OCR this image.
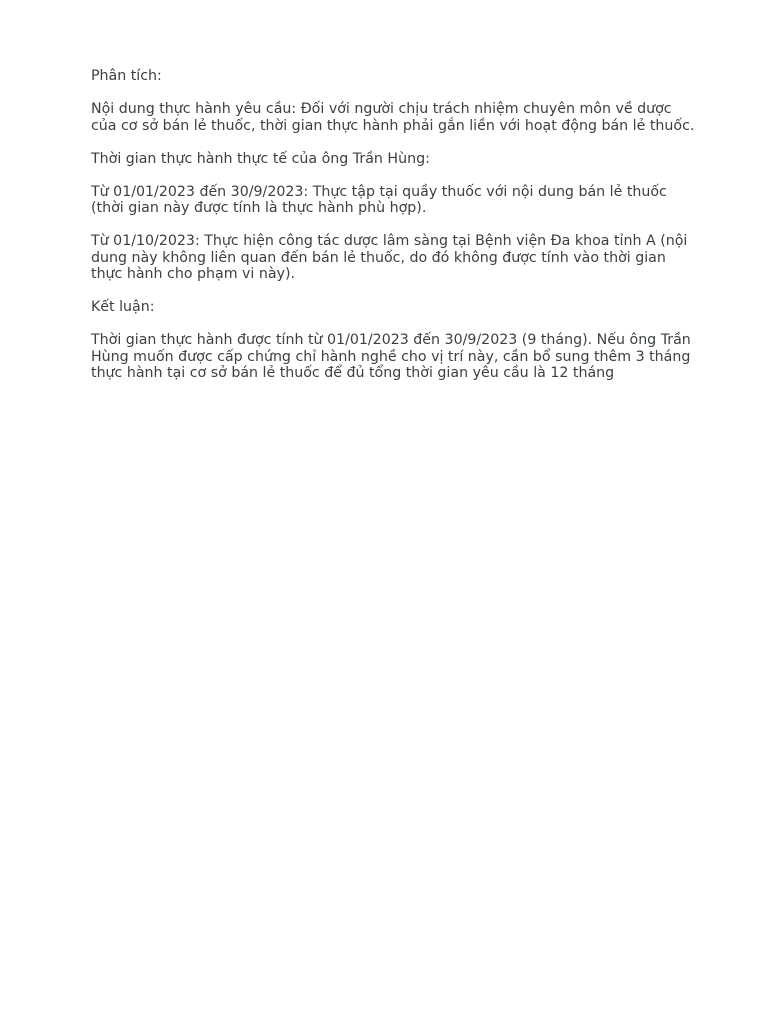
Phân tích:

Nội dung thực hành yêu cầu: Đối với người chịu trách nhiệm chuyên môn về dược của cơ sở bán lẻ thuốc, thời gian thực hành phải gắn liền với hoạt động bán lẻ thuốc.

Thời gian thực hành thực tế của ông Trần Hùng:

Từ 01/01/2023 đến 30/9/2023: Thực tập tại quầy thuốc với nội dung bán lẻ thuốc (thời gian này được tính là thực hành phù hợp).

Từ 01/10/2023: Thực hiện công tác dược lâm sàng tại Bệnh viện Đa khoa tỉnh A (nội dung này không liên quan đến bán lẻ thuốc, do đó không được tính vào thời gian thực hành cho phạm vi này).

Kết luận:

Thời gian thực hành được tính từ 01/01/2023 đến 30/9/2023 (9 tháng). Nếu ông Trần Hùng muốn được cấp chứng chỉ hành nghề cho vị trí này, cần bổ sung thêm 3 tháng thực hành tại cơ sở bán lẻ thuốc để đủ tổng thời gian yêu cầu là 12 tháng
